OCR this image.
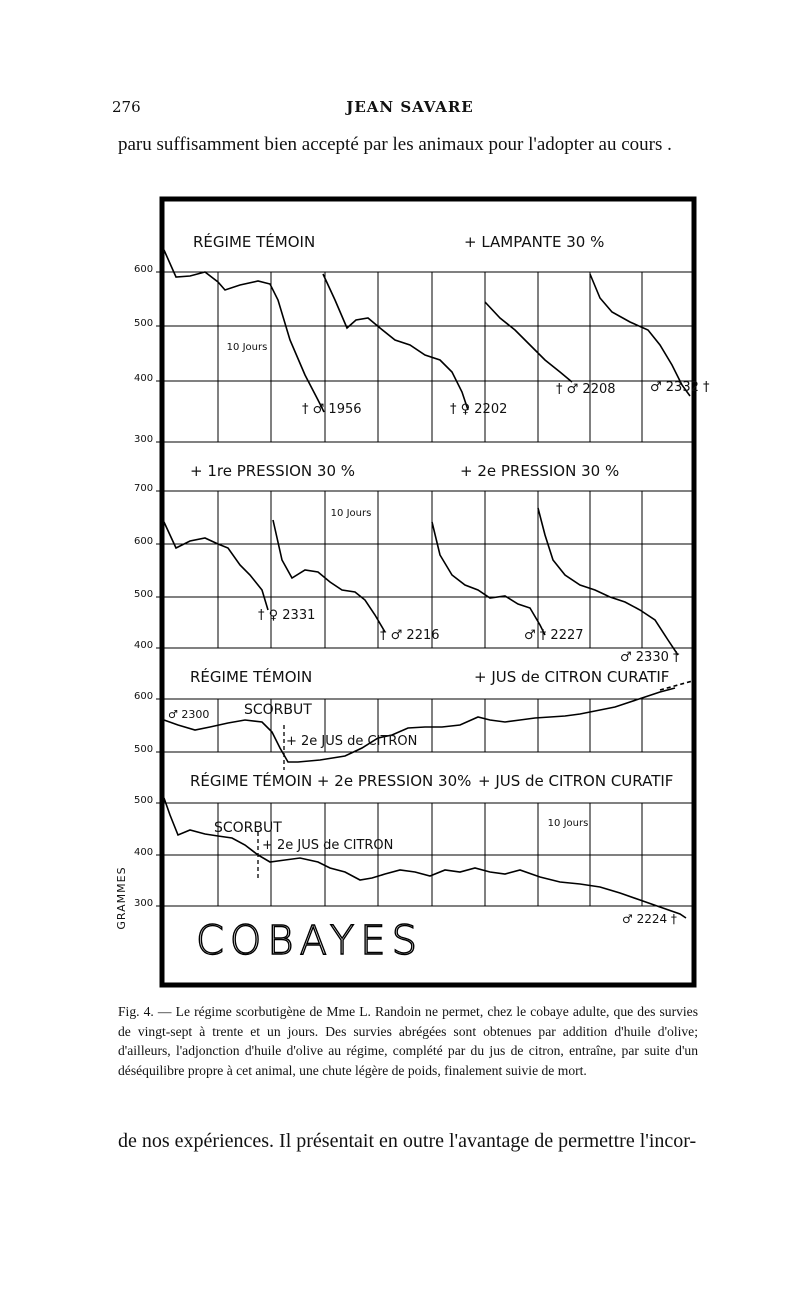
276	JEAN SAVARE
paru suffisamment bien accepté par les animaux pour l'adopter au cours .
RÉGIME TÉMOIN	+ LAMPANTE 30 %
600
500
400
300
10 Jours
† ♂ 1956	† ♀ 2202
† ♂ 2208	♂ 2332 †
+ 1re PRESSION 30 %	+ 2e PRESSION 30 %
700
600
500
400
10 Jours
† ♀ 2331
† ♂ 2216	♂ † 2227
♂ 2330 †
RÉGIME TÉMOIN	+ JUS de CITRON CURATIF
600
500
♂ 2300 SCORBUT
+ 2e JUS de CITRON
RÉGIME TÉMOIN + 2e PRESSION 30% + JUS de CITRON CURATIF
500
400
300
SCORBUT
+ 2e JUS de CITRON
10 Jours
♂ 2224 †
COBAYES
GRAMMES
Fig. 4. — Le régime scorbutigène de Mme L. Randoin ne permet, chez le cobaye adulte, que des survies de vingt-sept à trente et un jours. Des survies abrégées sont obtenues par addition d'huile d'olive; d'ailleurs, l'adjonction d'huile d'olive au régime, complété par du jus de citron, entraîne, par suite d'un déséquilibre propre à cet animal, une chute légère de poids, finalement suivie de mort.
de nos expériences. Il présentait en outre l'avantage de permettre l'incor-
